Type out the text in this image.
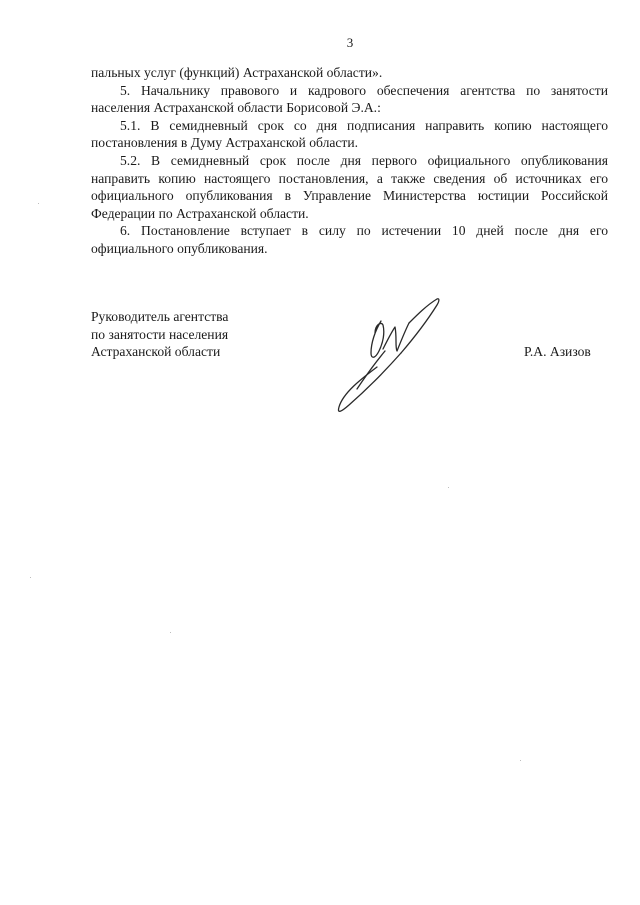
3

пальных услуг (функций) Астраханской области».

5. Начальнику правового и кадрового обеспечения агентства по занятости населения Астраханской области Борисовой Э.А.:

5.1. В семидневный срок со дня подписания направить копию настоящего постановления в Думу Астраханской области.

5.2. В семидневный срок после дня первого официального опубликования направить копию настоящего постановления, а также сведения об источниках его официального опубликования в Управление Министерства юстиции Российской Федерации по Астраханской области.

6. Постановление вступает в силу по истечении 10 дней после дня его официального опубликования.

Руководитель агентства
по занятости населения
Астраханской области	Р.А. Азизов
